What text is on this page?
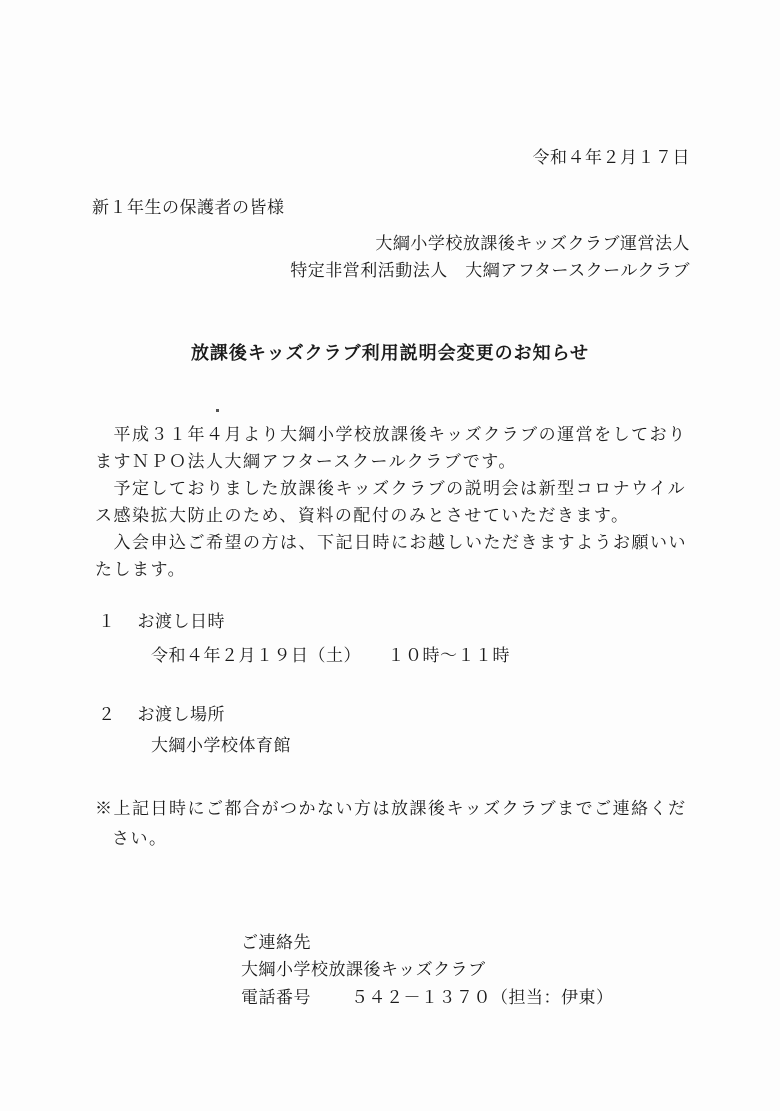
令和４年２月１７日
新１年生の保護者の皆様
大綱小学校放課後キッズクラブ運営法人
特定非営利活動法人　大綱アフタースクールクラブ
放課後キッズクラブ利用説明会変更のお知らせ
　平成３１年４月より大綱小学校放課後キッズクラブの運営をしており
ますＮＰＯ法人大綱アフタースクールクラブです。
　予定しておりました放課後キッズクラブの説明会は新型コロナウイル
ス感染拡大防止のため、資料の配付のみとさせていただきます。
　入会申込ご希望の方は、下記日時にお越しいただきますようお願いい
たします。
１ お渡し日時
令和４年２月１９日（土）　　１０時～１１時
２ お渡し場所
大綱小学校体育館
※上記日時にご都合がつかない方は放課後キッズクラブまでご連絡くだ
さい。
ご連絡先
大綱小学校放課後キッズクラブ
電話番号 ５４２－１３７０（担当：伊東）
